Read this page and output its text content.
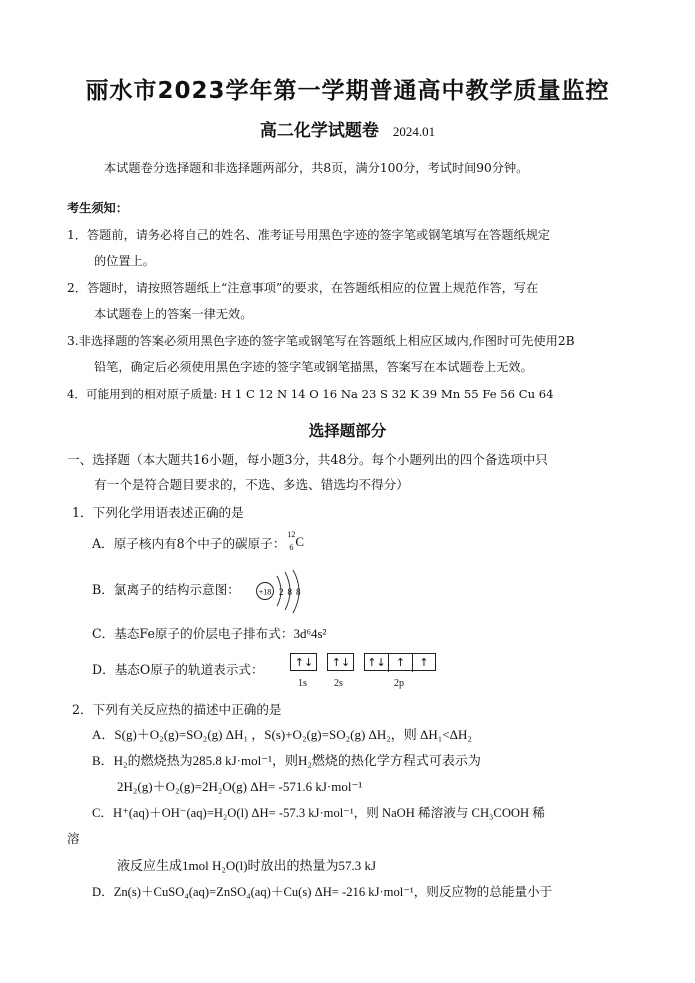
丽水市2023学年第一学期普通高中教学质量监控
高二化学试题卷 2024.01
本试题卷分选择题和非选择题两部分，共8页，满分100分，考试时间90分钟。
考生须知：
1．答题前，请务必将自己的姓名、准考证号用黑色字迹的签字笔或钢笔填写在答题纸规定
的位置上。
2．答题时，请按照答题纸上“注意事项”的要求，在答题纸相应的位置上规范作答，写在
本试题卷上的答案一律无效。
3.非选择题的答案必须用黑色字迹的签字笔或钢笔写在答题纸上相应区域内,作图时可先使用2B
铅笔，确定后必须使用黑色字迹的签字笔或钢笔描黑，答案写在本试题卷上无效。
4．可能用到的相对原子质量: H 1 C 12 N 14 O 16 Na 23 S 32 K 39 Mn 55 Fe 56 Cu 64
选择题部分
一、选择题（本大题共16小题，每小题3分，共48分。每个小题列出的四个备选项中只
有一个是符合题目要求的，不选、多选、错选均不得分）
1．下列化学用语表述正确的是
A．原子核内有8个中子的碳原子：
12
6 C
B．氯离子的结构示意图： +18 2 8 8
C．基态Fe原子的价层电子排布式：3d⁶4s²
D．基态O原子的轨道表示式：	↑↓ ↑↓ ↑↓ ↑	↑
1s	2s	2p
2．下列有关反应热的描述中正确的是
A．S(g)＋O₂(g)=SO₂(g) ΔH₁ ，S(s)+O₂(g)=SO₂(g) ΔH₂，则 ΔH₁<ΔH₂
B．H₂的燃烧热为285.8 kJ·mol⁻¹，则H₂燃烧的热化学方程式可表示为
2H₂(g)＋O₂(g)=2H₂O(g) ΔH= -571.6 kJ·mol⁻¹
C．H⁺(aq)＋OH⁻(aq)=H₂O(l) ΔH= -57.3 kJ·mol⁻¹，则 NaOH 稀溶液与 CH₃COOH 稀
溶
液反应生成1mol H₂O(l)时放出的热量为57.3 kJ
D．Zn(s)＋CuSO₄(aq)=ZnSO₄(aq)＋Cu(s) ΔH= -216 kJ·mol⁻¹，则反应物的总能量小于
